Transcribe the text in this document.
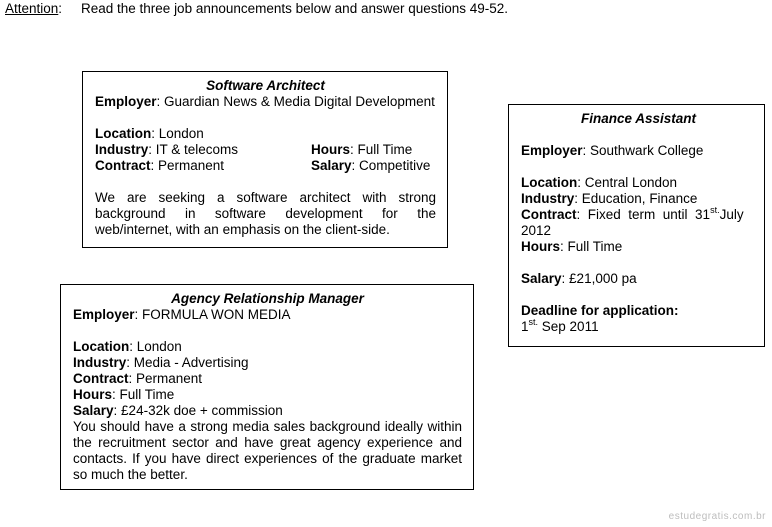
Attention: Read the three job announcements below and answer questions 49-52.
Software Architect
Employer: Guardian News & Media Digital Development
Location: London
Industry: IT & telecoms	Hours: Full Time
Contract: Permanent	Salary: Competitive
We are seeking a software architect with strong background in software development for the web/internet, with an emphasis on the client-side.
Finance Assistant
Employer: Southwark College
Location: Central London
Industry: Education, Finance
Contract:  Fixed  term  until  $31^{st.}July$
2012
Hours: Full Time
Salary: £21,000 pa
Deadline for application:
$1^{st.}$ Sep 2011
Agency Relationship Manager
Employer: FORMULA WON MEDIA
Location: London
Industry: Media - Advertising
Contract: Permanent
Hours: Full Time
Salary: £24-32k doe + commission
You should have a strong media sales background ideally within the recruitment sector and have great agency experience and contacts. If you have direct experiences of the graduate market so much the better.
estudegratis.com.br
